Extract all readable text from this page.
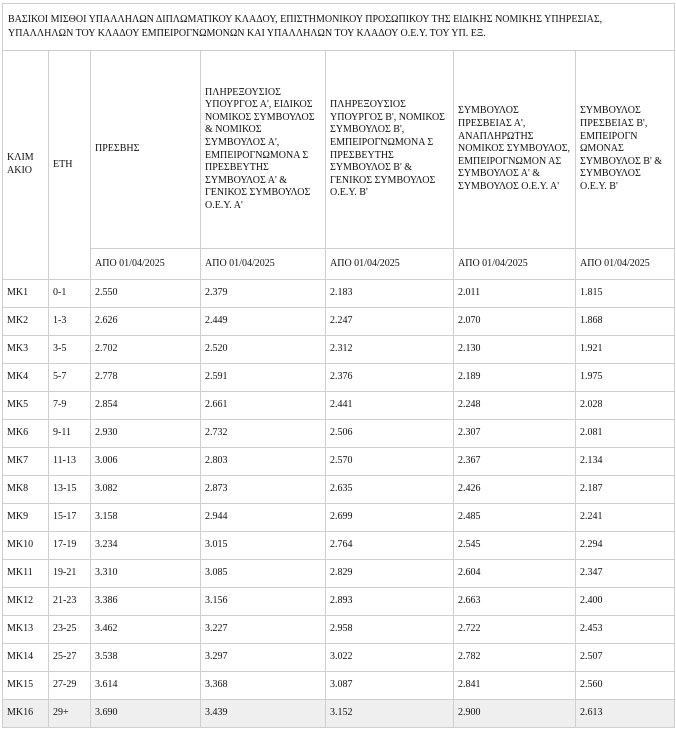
ΒΑΣΙΚΟΙ ΜΙΣΘΟΙ ΥΠΑΛΛΗΛΩΝ ΔΙΠΛΩΜΑΤΙΚΟΥ ΚΛΑΔΟΥ, ΕΠΙΣΤΗΜΟΝΙΚΟΥ ΠΡΟΣΩΠΙΚΟΥ ΤΗΣ ΕΙΔΙΚΗΣ ΝΟΜΙΚΗΣ ΥΠΗΡΕΣΙΑΣ, ΥΠΑΛΛΗΛΩΝ ΤΟΥ ΚΛΑΔΟΥ ΕΜΠΕΙΡΟΓΝΩΜΟΝΩΝ ΚΑΙ ΥΠΑΛΛΗΛΩΝ ΤΟΥ ΚΛΑΔΟΥ Ο.Ε.Υ. ΤΟΥ ΥΠ. ΕΞ.						
ΚΛΙΜ ΑΚΙΟ	ΕΤΗ	ΠΡΕΣΒΗΣ	ΠΛΗΡΕΞΟΥΣΙΟΣ ΥΠΟΥΡΓΟΣ Α', ΕΙΔΙΚΟΣ ΝΟΜΙΚΟΣ ΣΥΜΒΟΥΛΟΣ & ΝΟΜΙΚΟΣ ΣΥΜΒΟΥΛΟΣ Α', ΕΜΠΕΙΡΟΓΝΩΜΟΝΑ Σ ΠΡΕΣΒΕΥΤΗΣ ΣΥΜΒΟΥΛΟΣ Α' & ΓΕΝΙΚΟΣ ΣΥΜΒΟΥΛΟΣ Ο.Ε.Υ. Α'	ΠΛΗΡΕΞΟΥΣΙΟΣ ΥΠΟΥΡΓΟΣ Β', ΝΟΜΙΚΟΣ ΣΥΜΒΟΥΛΟΣ Β', ΕΜΠΕΙΡΟΓΝΩΜΟΝΑ Σ ΠΡΕΣΒΕΥΤΗΣ ΣΥΜΒΟΥΛΟΣ Β' & ΓΕΝΙΚΟΣ ΣΥΜΒΟΥΛΟΣ Ο.Ε.Υ. Β'	ΣΥΜΒΟΥΛΟΣ ΠΡΕΣΒΕΙΑΣ Α', ΑΝΑΠΛΗΡΩΤΗΣ ΝΟΜΙΚΟΣ ΣΥΜΒΟΥΛΟΣ, ΕΜΠΕΙΡΟΓΝΩΜΟΝ ΑΣ ΣΥΜΒΟΥΛΟΣ Α' & ΣΥΜΒΟΥΛΟΣ Ο.Ε.Υ. Α'	ΣΥΜΒΟΥΛΟΣ ΠΡΕΣΒΕΙΑΣ Β', ΕΜΠΕΙΡΟΓΝ ΩΜΟΝΑΣ ΣΥΜΒΟΥΛΟΣ Β' & ΣΥΜΒΟΥΛΟΣ Ο.Ε.Υ. Β'
		ΑΠΟ 01/04/2025	ΑΠΟ 01/04/2025	ΑΠΟ 01/04/2025	ΑΠΟ 01/04/2025	ΑΠΟ 01/04/2025
ΜΚ1	0-1	2.550	2.379	2.183	2.011	1.815
ΜΚ2	1-3	2.626	2.449	2.247	2.070	1.868
ΜΚ3	3-5	2.702	2.520	2.312	2.130	1.921
ΜΚ4	5-7	2.778	2.591	2.376	2.189	1.975
ΜΚ5	7-9	2.854	2.661	2.441	2.248	2.028
ΜΚ6	9-11	2.930	2.732	2.506	2.307	2.081
ΜΚ7	11-13	3.006	2.803	2.570	2.367	2.134
ΜΚ8	13-15	3.082	2.873	2.635	2.426	2.187
ΜΚ9	15-17	3.158	2.944	2.699	2.485	2.241
ΜΚ10	17-19	3.234	3.015	2.764	2.545	2.294
ΜΚ11	19-21	3.310	3.085	2.829	2.604	2.347
ΜΚ12	21-23	3.386	3.156	2.893	2.663	2.400
ΜΚ13	23-25	3.462	3.227	2.958	2.722	2.453
ΜΚ14	25-27	3.538	3.297	3.022	2.782	2.507
ΜΚ15	27-29	3.614	3.368	3.087	2.841	2.560
ΜΚ16	29+	3.690	3.439	3.152	2.900	2.613
